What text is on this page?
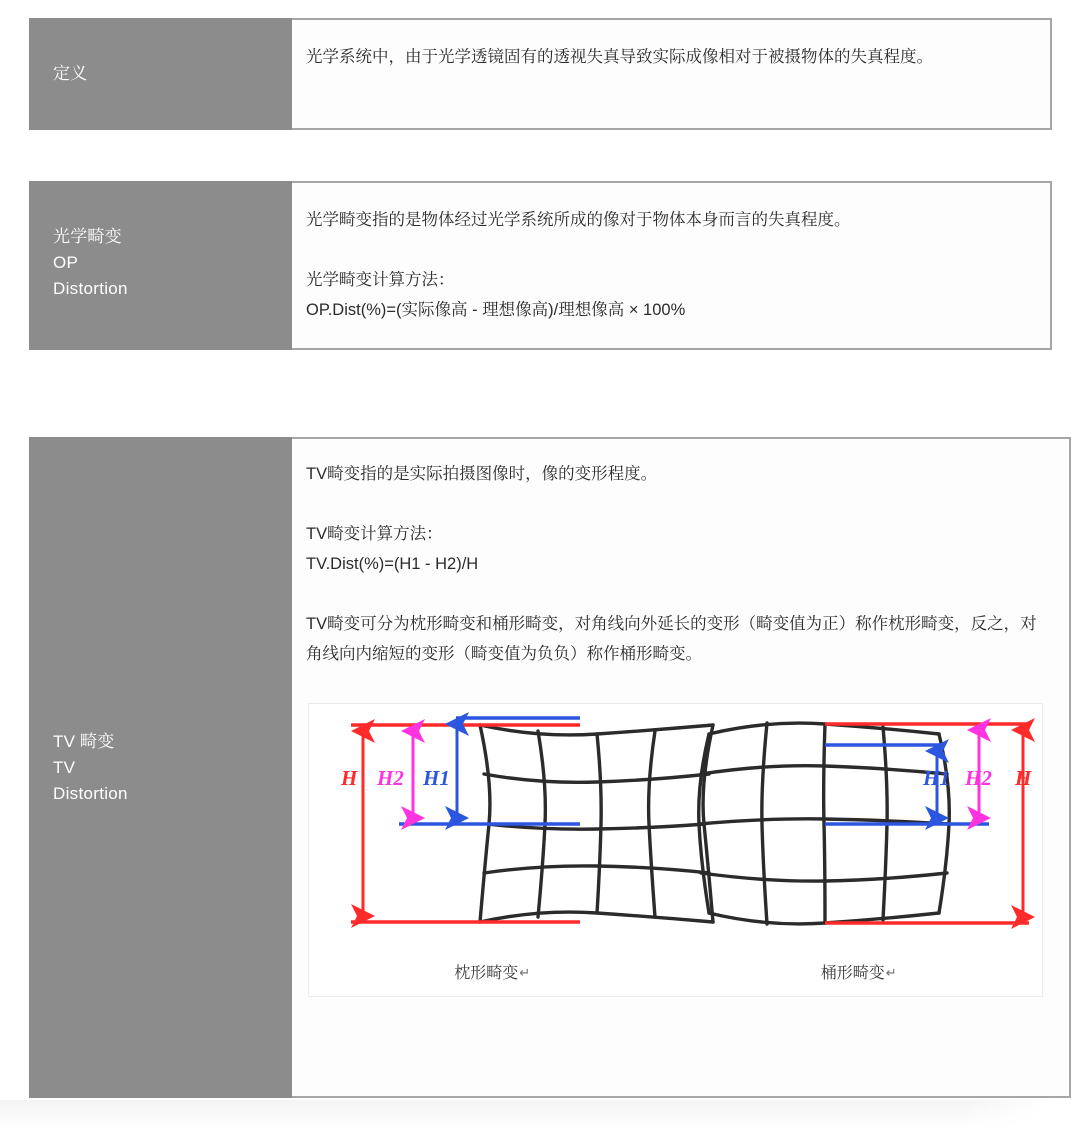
定义

光学系统中，由于光学透镜固有的透视失真导致实际成像相对于被摄物体的失真程度。

光学畸变
OP
Distortion

光学畸变指的是物体经过光学系统所成的像对于物体本身而言的失真程度。

光学畸变计算方法：

OP.Dist(%)=(实际像高 - 理想像高)/理想像高 × 100%

TV 畸变
TV
Distortion

TV畸变指的是实际拍摄图像时，像的变形程度。

TV畸变计算方法：

TV.Dist(%)=(H1 - H2)/H

TV畸变可分为枕形畸变和桶形畸变，对角线向外延长的变形（畸变值为正）称作枕形畸变，反之，对角线向内缩短的变形（畸变值为负负）称作桶形畸变。

H H2 H1	H1 H2 H
枕形畸变↵	桶形畸变↵
